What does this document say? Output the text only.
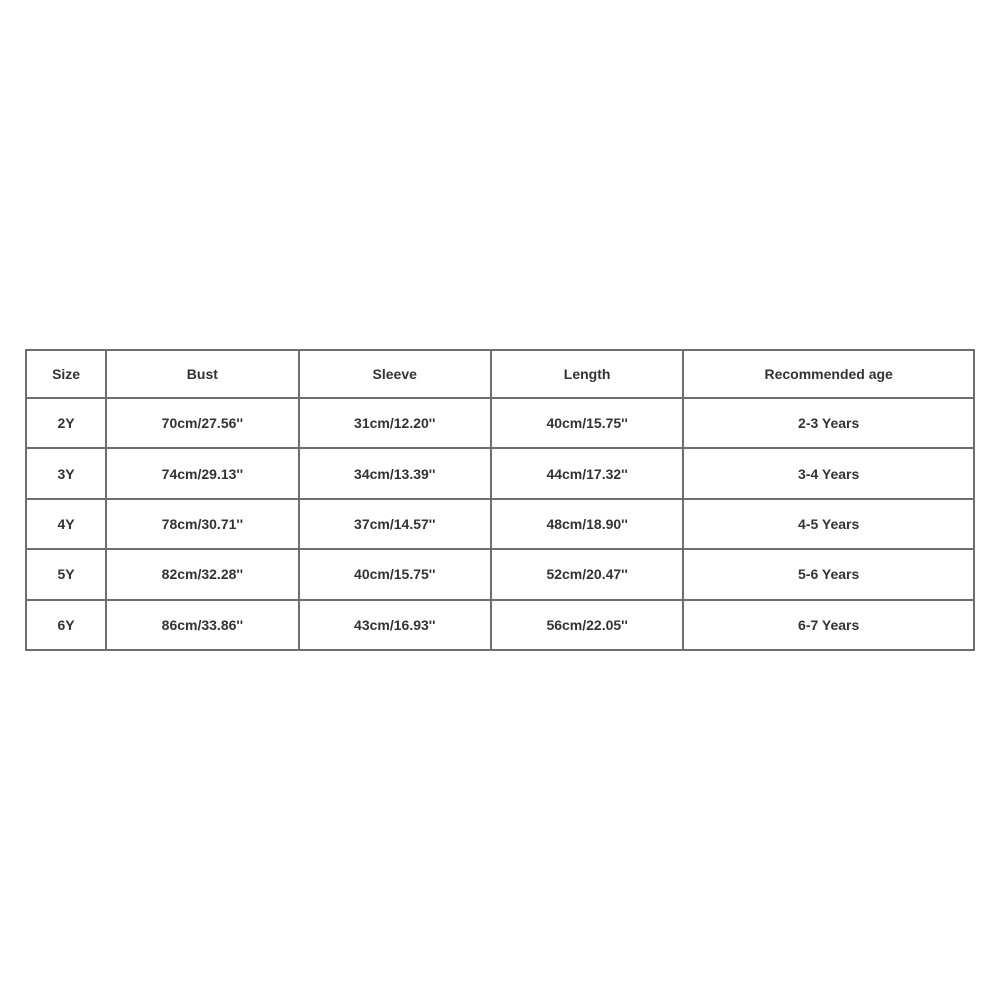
Size	Bust	Sleeve	Length	Recommended age
2Y	70cm/27.56''	31cm/12.20''	40cm/15.75''	2-3 Years
3Y	74cm/29.13''	34cm/13.39''	44cm/17.32''	3-4 Years
4Y	78cm/30.71''	37cm/14.57''	48cm/18.90''	4-5 Years
5Y	82cm/32.28''	40cm/15.75''	52cm/20.47''	5-6 Years
6Y	86cm/33.86''	43cm/16.93''	56cm/22.05''	6-7 Years
